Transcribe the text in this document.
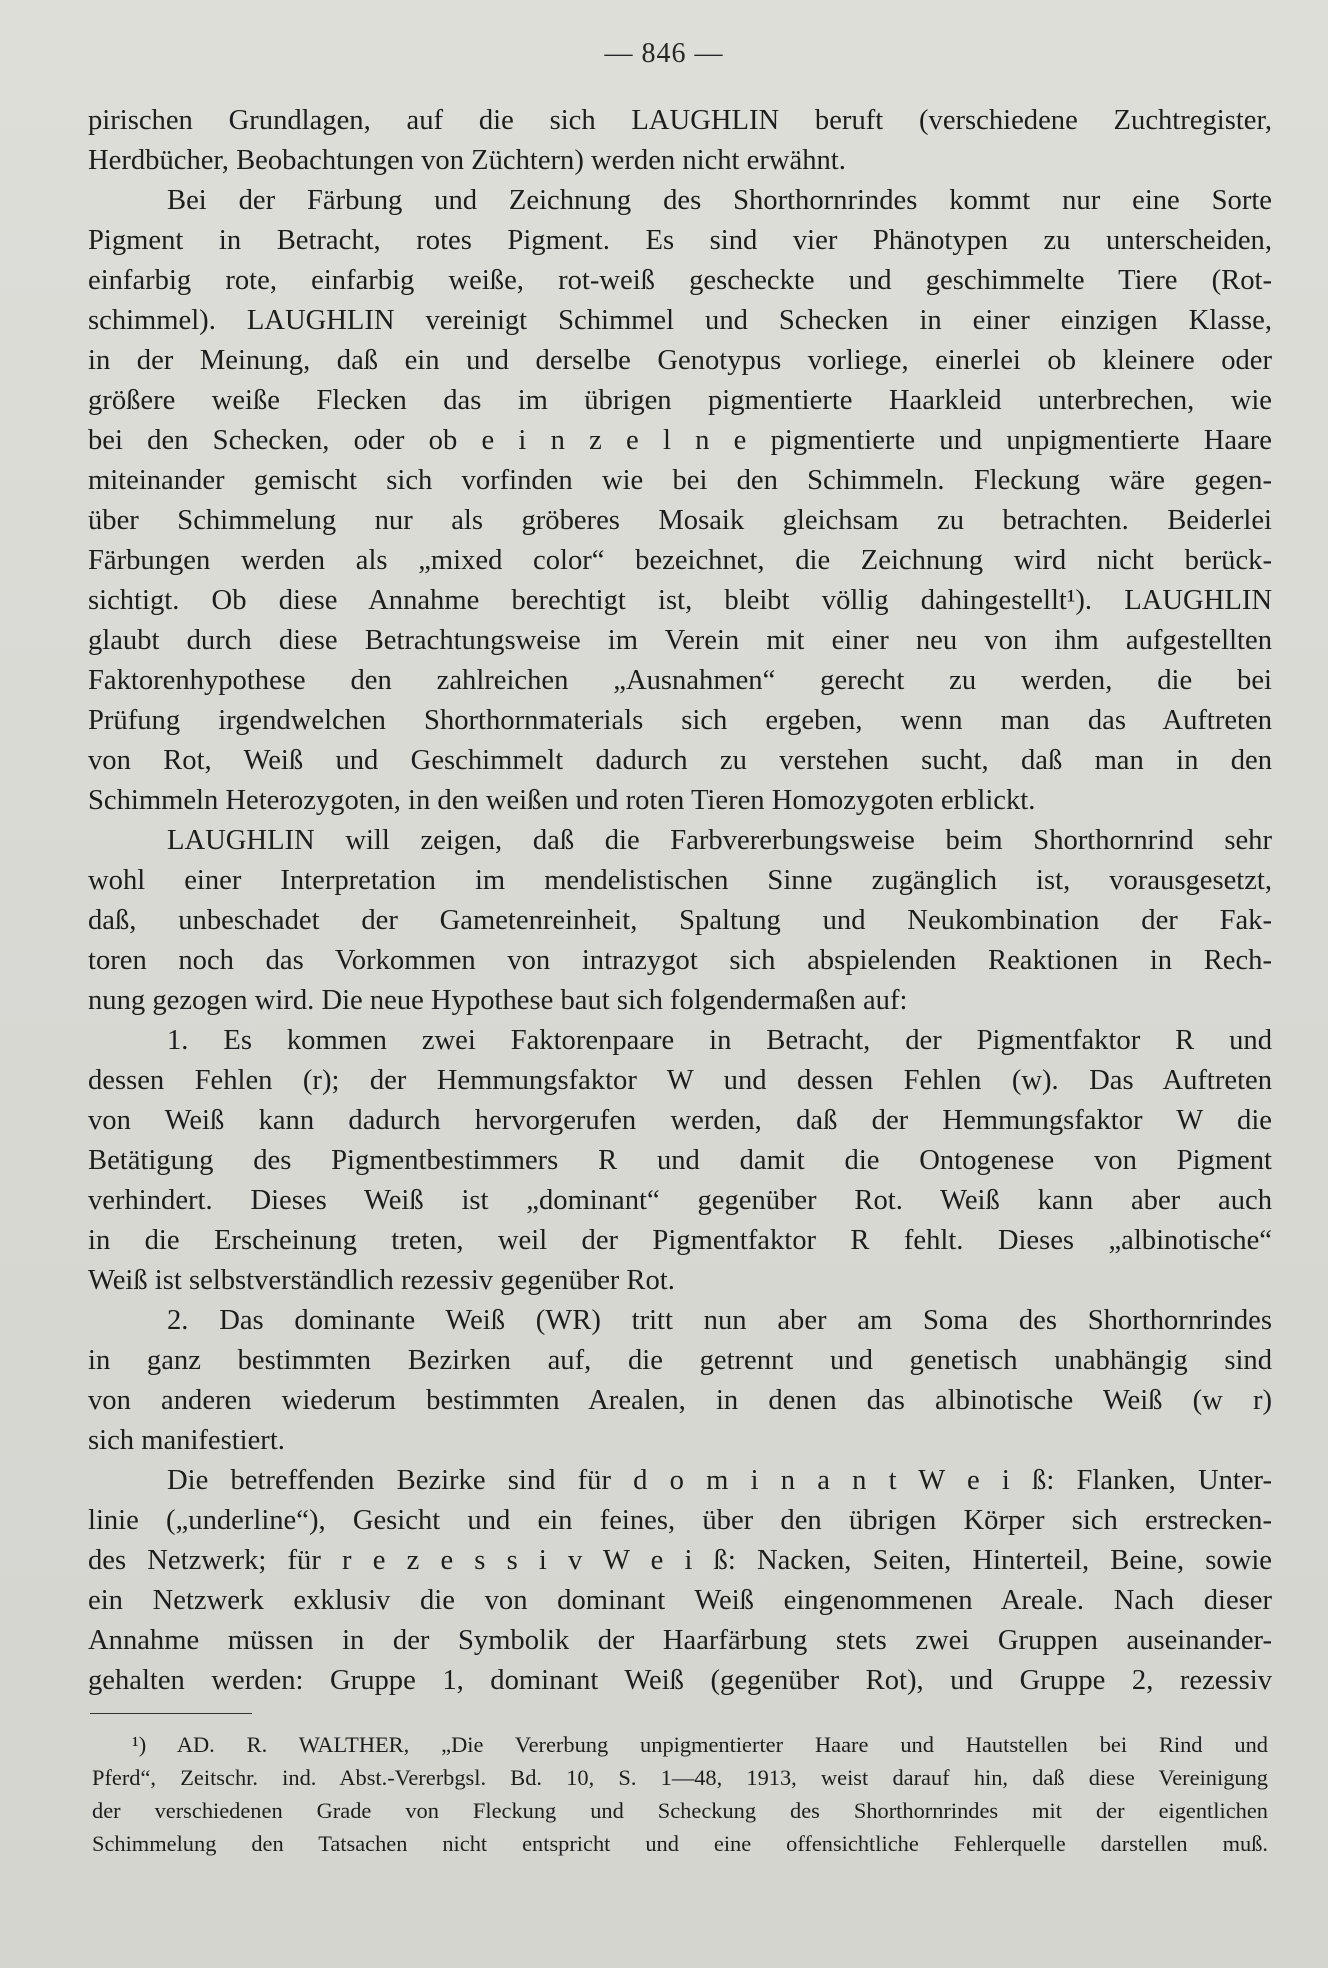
— 846 —
pirischen Grundlagen, auf die sich LAUGHLIN beruft (verschiedene Zuchtregister,
Herdbücher, Beobachtungen von Züchtern) werden nicht erwähnt.
Bei der Färbung und Zeichnung des Shorthornrindes kommt nur eine Sorte
Pigment in Betracht, rotes Pigment. Es sind vier Phänotypen zu unterscheiden,
einfarbig rote, einfarbig weiße, rot-weiß gescheckte und geschimmelte Tiere (Rot-
schimmel). LAUGHLIN vereinigt Schimmel und Schecken in einer einzigen Klasse,
in der Meinung, daß ein und derselbe Genotypus vorliege, einerlei ob kleinere oder
größere weiße Flecken das im übrigen pigmentierte Haarkleid unterbrechen, wie
bei den Schecken, oder ob e i n z e l n e pigmentierte und unpigmentierte Haare
miteinander gemischt sich vorfinden wie bei den Schimmeln. Fleckung wäre gegen-
über Schimmelung nur als gröberes Mosaik gleichsam zu betrachten. Beiderlei
Färbungen werden als „mixed color“ bezeichnet, die Zeichnung wird nicht berück-
sichtigt. Ob diese Annahme berechtigt ist, bleibt völlig dahingestellt¹). LAUGHLIN
glaubt durch diese Betrachtungsweise im Verein mit einer neu von ihm aufgestellten
Faktorenhypothese den zahlreichen „Ausnahmen“ gerecht zu werden, die bei
Prüfung irgendwelchen Shorthornmaterials sich ergeben, wenn man das Auftreten
von Rot, Weiß und Geschimmelt dadurch zu verstehen sucht, daß man in den
Schimmeln Heterozygoten, in den weißen und roten Tieren Homozygoten erblickt.
LAUGHLIN will zeigen, daß die Farbvererbungsweise beim Shorthornrind sehr
wohl einer Interpretation im mendelistischen Sinne zugänglich ist, vorausgesetzt,
daß, unbeschadet der Gametenreinheit, Spaltung und Neukombination der Fak-
toren noch das Vorkommen von intrazygot sich abspielenden Reaktionen in Rech-
nung gezogen wird. Die neue Hypothese baut sich folgendermaßen auf:
1. Es kommen zwei Faktorenpaare in Betracht, der Pigmentfaktor R und
dessen Fehlen (r); der Hemmungsfaktor W und dessen Fehlen (w). Das Auftreten
von Weiß kann dadurch hervorgerufen werden, daß der Hemmungsfaktor W die
Betätigung des Pigmentbestimmers R und damit die Ontogenese von Pigment
verhindert. Dieses Weiß ist „dominant“ gegenüber Rot. Weiß kann aber auch
in die Erscheinung treten, weil der Pigmentfaktor R fehlt. Dieses „albinotische“
Weiß ist selbstverständlich rezessiv gegenüber Rot.
2. Das dominante Weiß (WR) tritt nun aber am Soma des Shorthornrindes
in ganz bestimmten Bezirken auf, die getrennt und genetisch unabhängig sind
von anderen wiederum bestimmten Arealen, in denen das albinotische Weiß (w r)
sich manifestiert.
Die betreffenden Bezirke sind für d o m i n a n t W e i ß: Flanken, Unter-
linie („underline“), Gesicht und ein feines, über den übrigen Körper sich erstrecken-
des Netzwerk; für r e z e s s i v W e i ß: Nacken, Seiten, Hinterteil, Beine, sowie
ein Netzwerk exklusiv die von dominant Weiß eingenommenen Areale. Nach dieser
Annahme müssen in der Symbolik der Haarfärbung stets zwei Gruppen auseinander-
gehalten werden: Gruppe 1, dominant Weiß (gegenüber Rot), und Gruppe 2, rezessiv
¹) AD. R. WALTHER, „Die Vererbung unpigmentierter Haare und Hautstellen bei Rind und
Pferd“, Zeitschr. ind. Abst.-Vererbgsl. Bd. 10, S. 1—48, 1913, weist darauf hin, daß diese Vereinigung
der verschiedenen Grade von Fleckung und Scheckung des Shorthornrindes mit der eigentlichen
Schimmelung den Tatsachen nicht entspricht und eine offensichtliche Fehlerquelle darstellen muß.
